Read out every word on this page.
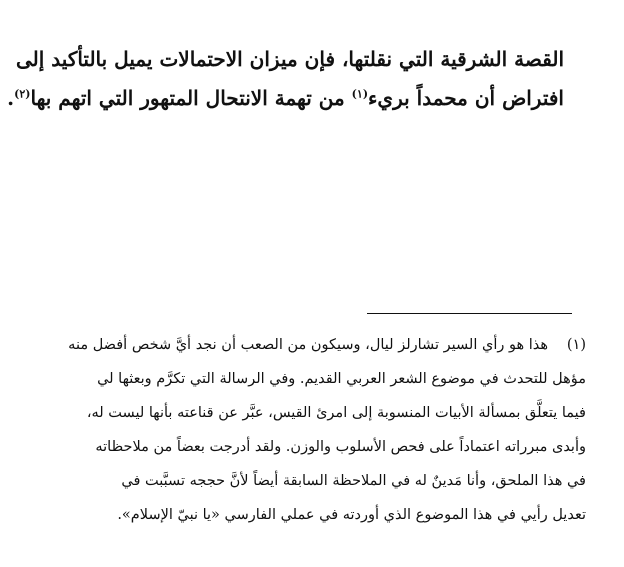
القصة الشرقية التي نقلتها، فإن ميزان الاحتمالات يميل بالتأكيد إلى
افتراض أن محمداً بريء$^{(١)}$ من تهمة الانتحال المتهور التي اتهم بها$^{(٢)}$.
(١)
هذا هو رأي السير تشارلز ليال، وسيكون من الصعب أن نجد أيَّ شخص أفضل منه
مؤهل للتحدث في موضوع الشعر العربي القديم. وفي الرسالة التي تكرَّم وبعثها لي
فيما يتعلَّق بمسألة الأبيات المنسوبة إلى امرئ القيس، عبَّر عن قناعته بأنها ليست له،
وأبدى مبرراته اعتماداً على فحص الأسلوب والوزن. ولقد أدرجت بعضاً من ملاحظاته
في هذا الملحق، وأنا مَدينٌ له في الملاحظة السابقة أيضاً لأنَّ حججه تسبَّبت في
تعديل رأيي في هذا الموضوع الذي أوردته في عملي الفارسي «يا نبيّ الإسلام».
